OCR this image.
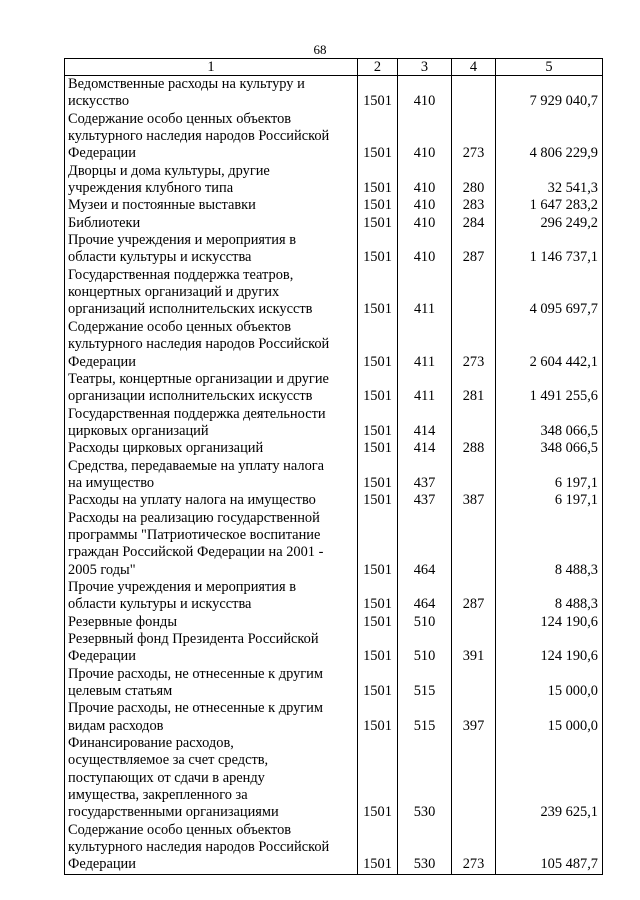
68
1	2	3	4	5

Ведомственные расходы на культуру и
искусство	1501	410		7 929 040,7

Содержание особо ценных объектов
культурного наследия народов Российской
Федерации	1501	410	273	4 806 229,9

Дворцы и дома культуры, другие
учреждения клубного типа	1501	410	280	32 541,3

Музеи и постоянные выставки	1501	410	283	1 647 283,2

Библиотеки	1501	410	284	296 249,2

Прочие учреждения и мероприятия в
области культуры и искусства	1501	410	287	1 146 737,1

Государственная поддержка театров,
концертных организаций и других
организаций исполнительских искусств	1501	411		4 095 697,7

Содержание особо ценных объектов
культурного наследия народов Российской
Федерации	1501	411	273	2 604 442,1

Театры, концертные организации и другие
организации исполнительских искусств	1501	411	281	1 491 255,6

Государственная поддержка деятельности
цирковых организаций	1501	414		348 066,5

Расходы цирковых организаций	1501	414	288	348 066,5

Средства, передаваемые на уплату налога
на имущество	1501	437		6 197,1

Расходы на уплату налога на имущество	1501	437	387	6 197,1

Расходы на реализацию государственной
программы "Патриотическое воспитание
граждан Российской Федерации на 2001 -
2005 годы"	1501	464		8 488,3

Прочие учреждения и мероприятия в
области культуры и искусства	1501	464	287	8 488,3

Резервные фонды	1501	510		124 190,6

Резервный фонд Президента Российской
Федерации	1501	510	391	124 190,6

Прочие расходы, не отнесенные к другим
целевым статьям	1501	515		15 000,0

Прочие расходы, не отнесенные к другим
видам расходов	1501	515	397	15 000,0

Финансирование расходов,
осуществляемое за счет средств,
поступающих от сдачи в аренду
имущества, закрепленного за
государственными организациями	1501	530		239 625,1

Содержание особо ценных объектов
культурного наследия народов Российской
Федерации	1501	530	273	105 487,7
